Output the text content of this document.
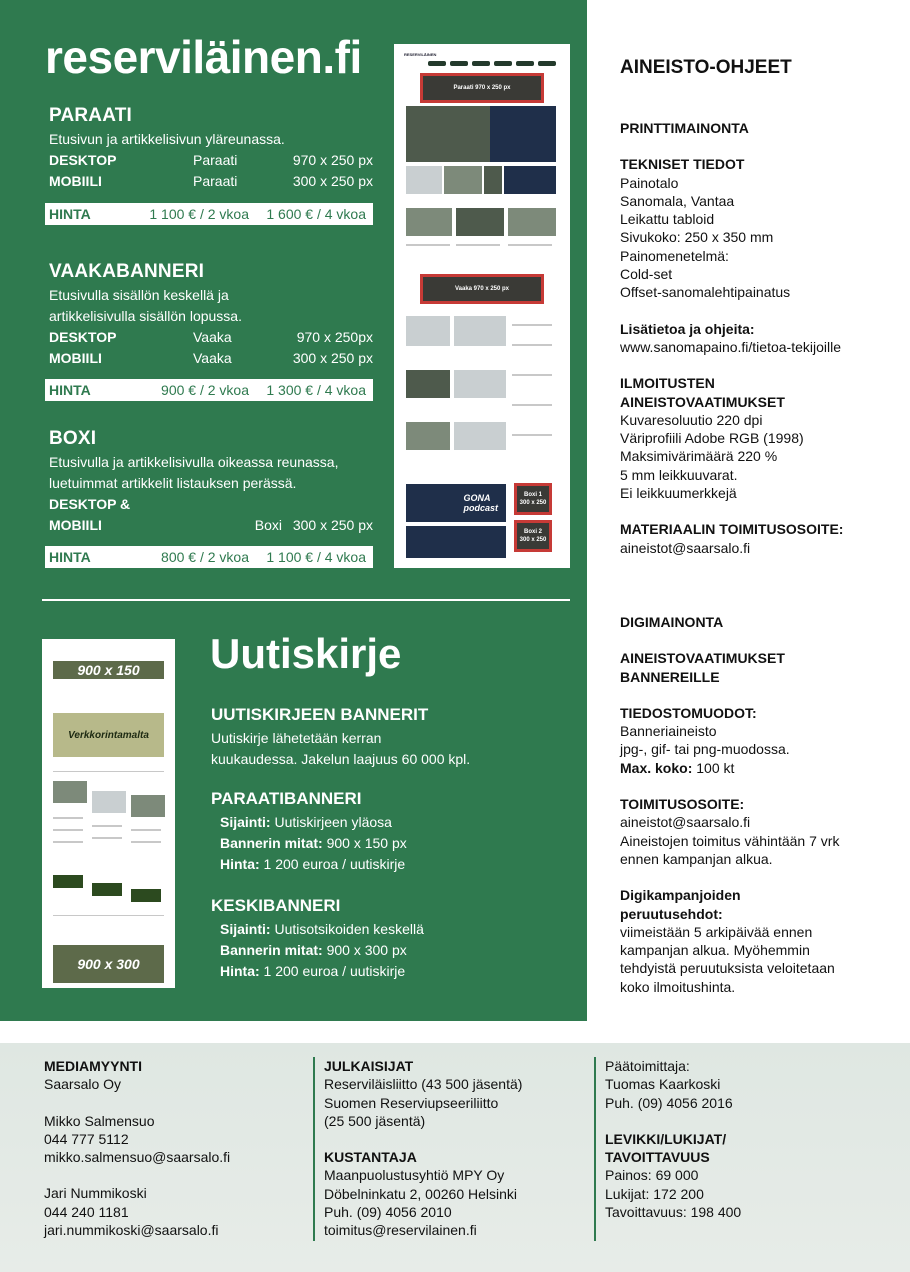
reserviläinen.fi
PARAATI

Etusivun ja artikkelisivun yläreunassa.

DESKTOP	Paraati	970 x 250 px
MOBIILI	Paraati	300 x 250 px
HINTA	1 100 € / 2 vkoa	1 600 € / 4 vkoa
VAAKABANNERI

Etusivulla sisällön keskellä ja

artikkelisivulla sisällön lopussa.

DESKTOP	Vaaka	970 x 250px
MOBIILI	Vaaka	300 x 250 px
HINTA	900 € / 2 vkoa	1 300 € / 4 vkoa
BOXI

Etusivulla ja artikkelisivulla oikeassa reunassa,

luetuimmat artikkelit listauksen perässä.

DESKTOP &
MOBIILI	Boxi 300 x 250 px
HINTA	800 € / 2 vkoa	1 100 € / 4 vkoa
RESERVILÄINEN
Paraati 970 x 250 px
Vaaka 970 x 250 px
GONA
podcast
Boxi 1
300 x 250
Boxi 2
300 x 250
900 x 150
Verkkorintamalta
900 x 300
Uutiskirje
UUTISKIRJEEN BANNERIT

Uutiskirje lähetetään kerran

kuukaudessa. Jakelun laajuus 60 000 kpl.

PARAATIBANNERI

Sijainti: Uutiskirjeen yläosa

Bannerin mitat: 900 x 150 px

Hinta: 1 200 euroa / uutiskirje

KESKIBANNERI

Sijainti: Uutisotsikoiden keskellä

Bannerin mitat: 900 x 300 px

Hinta: 1 200 euroa / uutiskirje

AINEISTO-OHJEET
PRINTTIMAINONTA
TEKNISET TIEDOT
Painotalo
Sanomala, Vantaa
Leikattu tabloid
Sivukoko: 250 x 350 mm
Painomenetelmä:
Cold-set
Offset-sanomalehtipainatus
Lisätietoa ja ohjeita:
www.sanomapaino.fi/tietoa-tekijoille
ILMOITUSTEN
AINEISTOVAATIMUKSET
Kuvaresoluutio 220 dpi
Väriprofiili Adobe RGB (1998)
Maksimivärimäärä 220 %
5 mm leikkuuvarat.
Ei leikkuumerkkejä
MATERIAALIN TOIMITUSOSOITE:
aineistot@saarsalo.fi
DIGIMAINONTA
AINEISTOVAATIMUKSET
BANNEREILLE
TIEDOSTOMUODOT:
Banneriaineisto
jpg-, gif- tai png-muodossa.
Max. koko: 100 kt
TOIMITUSOSOITE:
aineistot@saarsalo.fi
Aineistojen toimitus vähintään 7 vrk
ennen kampanjan alkua.
Digikampanjoiden
peruutusehdot:
viimeistään 5 arkipäivää ennen
kampanjan alkua. Myöhemmin
tehdyistä peruutuksista veloitetaan
koko ilmoitushinta.
MEDIAMYYNTI
Saarsalo Oy
Mikko Salmensuo
044 777 5112
mikko.salmensuo@saarsalo.fi
Jari Nummikoski
044 240 1181
jari.nummikoski@saarsalo.fi
JULKAISIJAT
Reserviläisliitto (43 500 jäsentä)
Suomen Reserviupseeriliitto
(25 500 jäsentä)
KUSTANTAJA
Maanpuolustusyhtiö MPY Oy
Döbelninkatu 2, 00260 Helsinki
Puh. (09) 4056 2010
toimitus@reservilainen.fi
Päätoimittaja:
Tuomas Kaarkoski
Puh. (09) 4056 2016
LEVIKKI/LUKIJAT/
TAVOITTAVUUS
Painos: 69 000
Lukijat: 172 200
Tavoittavuus: 198 400
